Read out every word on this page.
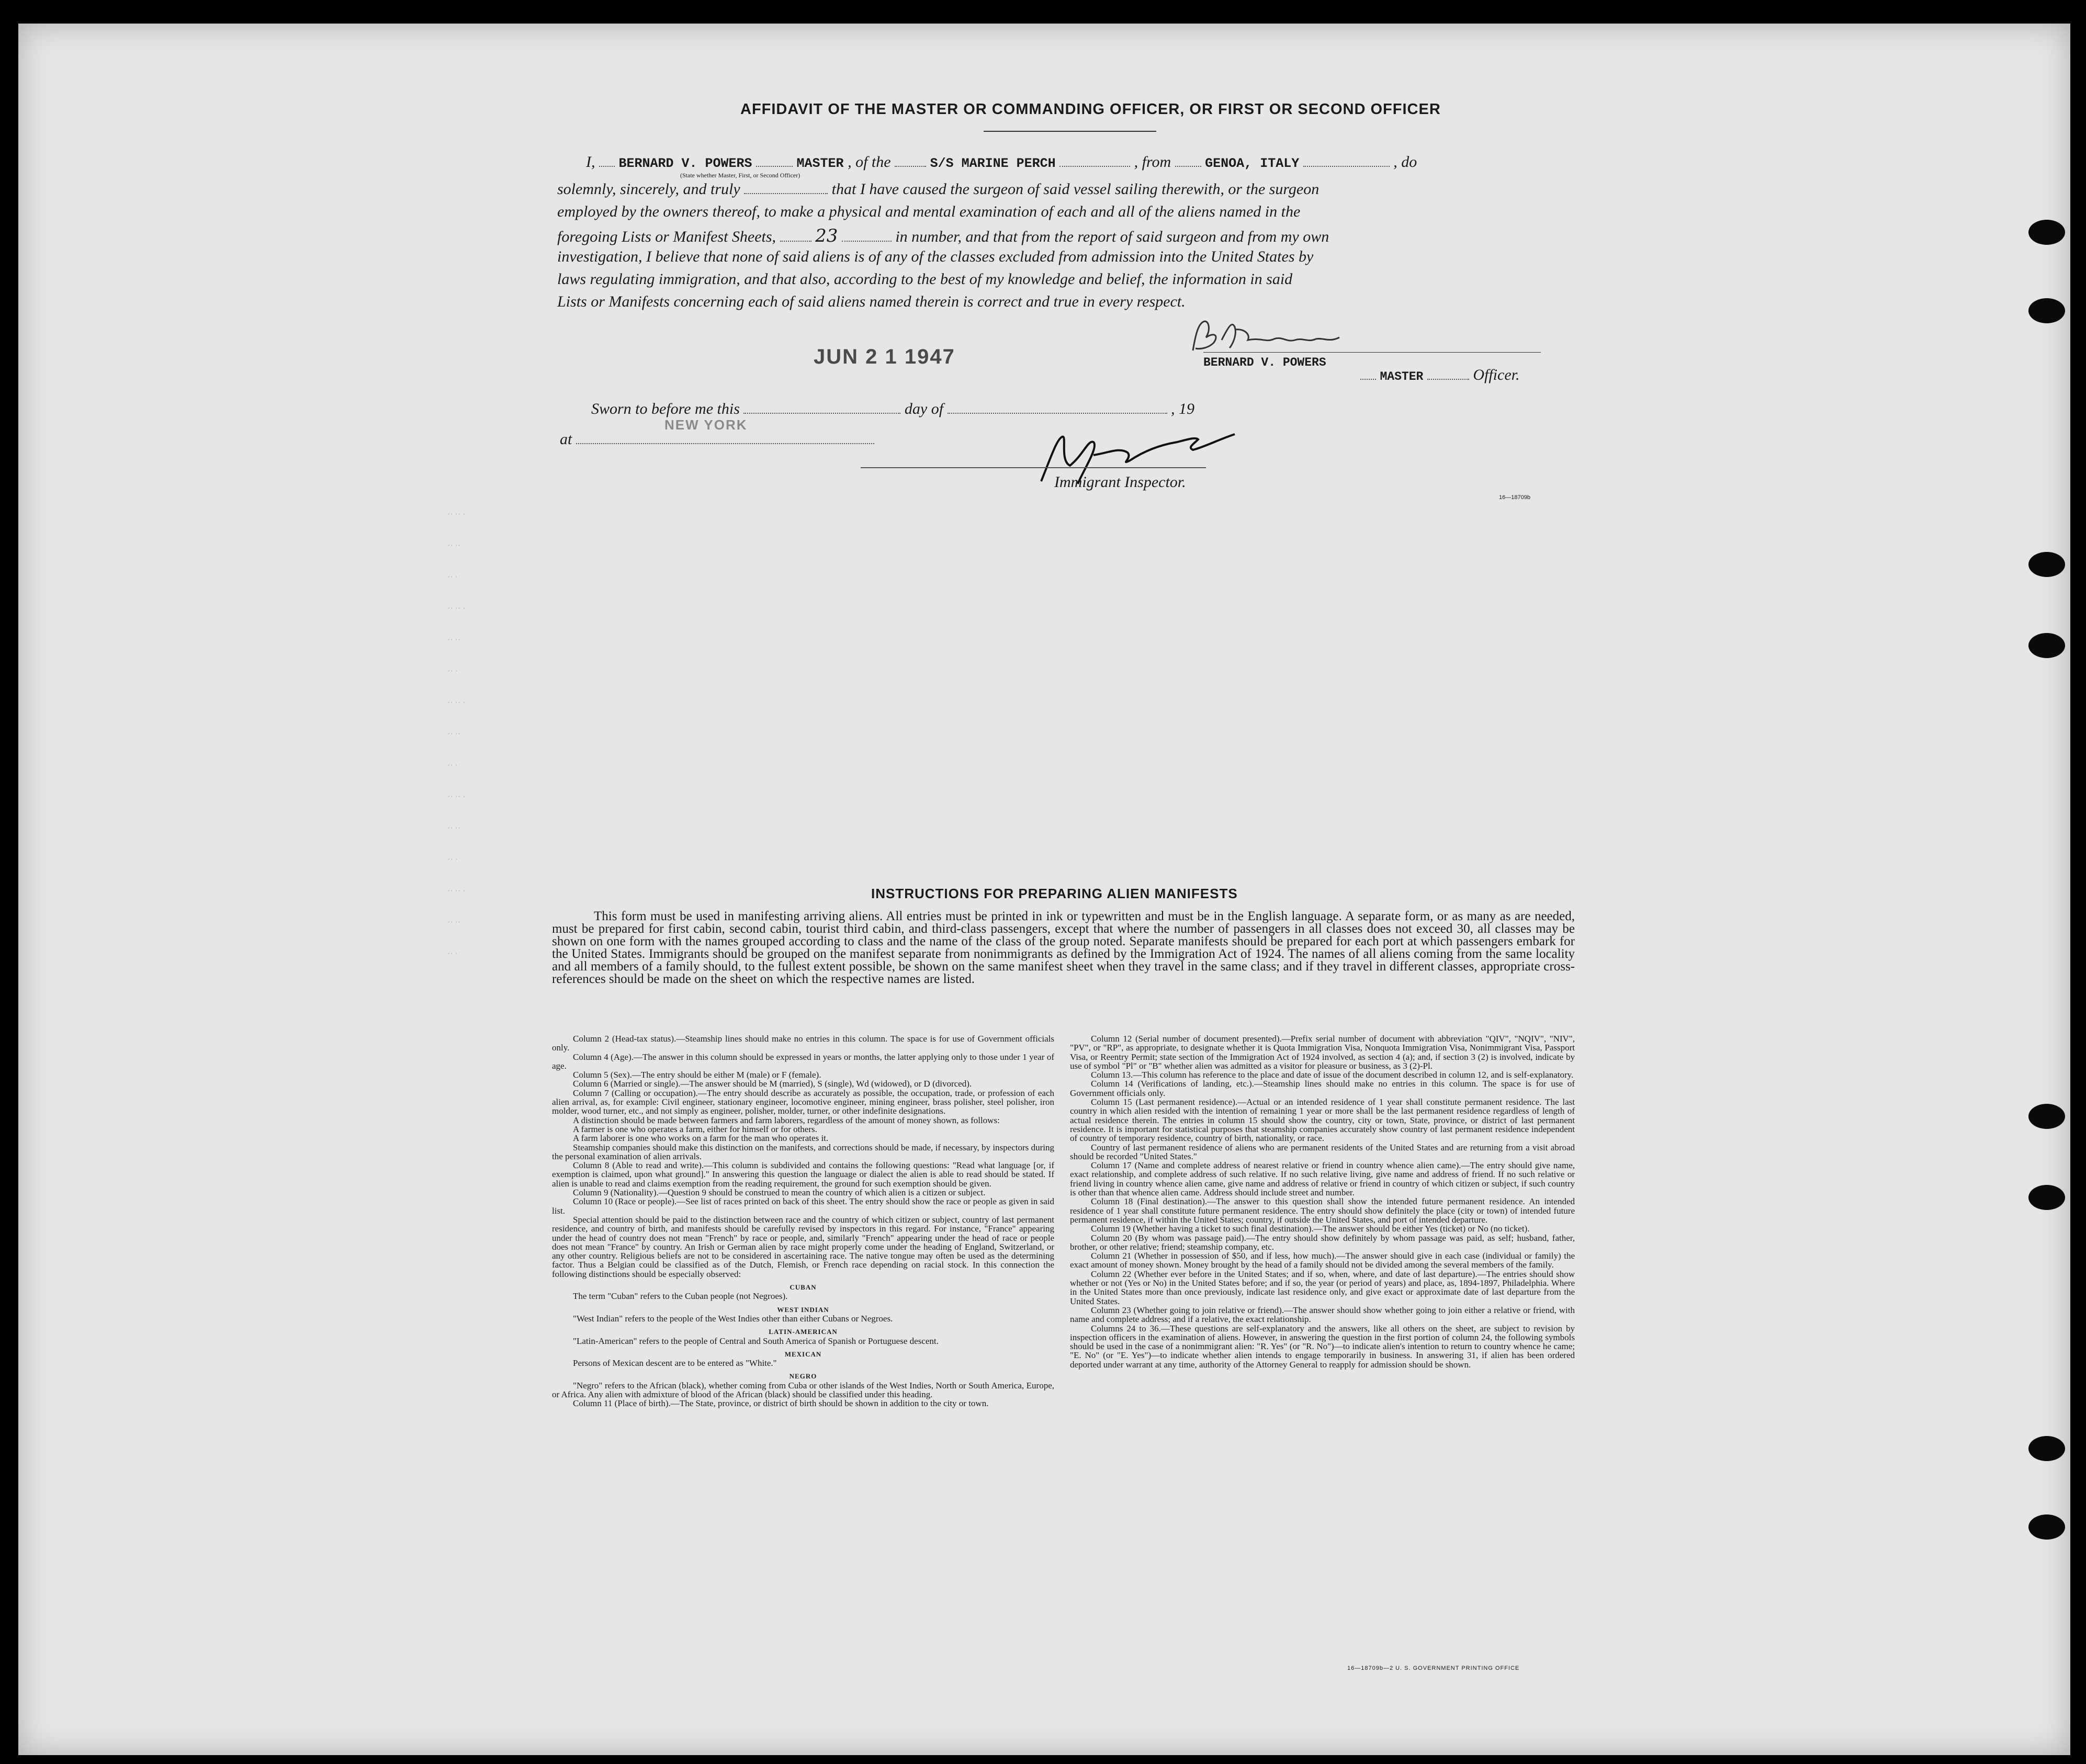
AFFIDAVIT OF THE MASTER OR COMMANDING OFFICER, OR FIRST OR SECOND OFFICER
I, BERNARD V. POWERS	MASTER , of the	S/S MARINE PERCH	, from	GENOA, ITALY	, do
(State whether Master, First, or Second Officer)
solemnly, sincerely, and truly	that I have caused the surgeon of said vessel sailing therewith, or the surgeon
employed by the owners thereof, to make a physical and mental examination of each and all of the aliens named in the
foregoing Lists or Manifest Sheets, 23	in number, and that from the report of said surgeon and from my own
investigation, I believe that none of said aliens is of any of the classes excluded from admission into the United States by
laws regulating immigration, and that also, according to the best of my knowledge and belief, the information in said
Lists or Manifests concerning each of said aliens named therein is correct and true in every respect.
JUN 2 1 1947	BERNARD V. POWERS
MASTER	Officer.
Sworn to before me this	day of	, 19
NEW YORK
at
Immigrant Inspector.
16—18709b
·· ·· ·
·· ··
·· ·
·· ·· ·
·· ··
·· ·
·· ·· ·
·· ··
·· ·
·· ·· ·
·· ··
·· ·
·· ·· ·
·· ··
·· ·
INSTRUCTIONS FOR PREPARING ALIEN MANIFESTS
This form must be used in manifesting arriving aliens. All entries must be printed in ink or typewritten and must be in the English language. A separate form, or as many as are needed, must be prepared for first cabin, second cabin, tourist third cabin, and third-class passengers, except that where the number of passengers in all classes does not exceed 30, all classes may be shown on one form with the names grouped according to class and the name of the class of the group noted. Separate manifests should be prepared for each port at which passengers embark for the United States. Immigrants should be grouped on the manifest separate from nonimmigrants as defined by the Immigration Act of 1924. The names of all aliens coming from the same locality and all members of a family should, to the fullest extent possible, be shown on the same manifest sheet when they travel in the same class; and if they travel in different classes, appropriate cross-references should be made on the sheet on which the respective names are listed.

Column 2 (Head-tax status).—Steamship lines should make no entries in this column. The space is for use of Government officials only.

Column 4 (Age).—The answer in this column should be expressed in years or months, the latter applying only to those under 1 year of age.

Column 5 (Sex).—The entry should be either M (male) or F (female).

Column 6 (Married or single).—The answer should be M (married), S (single), Wd (widowed), or D (divorced).

Column 7 (Calling or occupation).—The entry should describe as accurately as possible, the occupation, trade, or profession of each alien arrival, as, for example: Civil engineer, stationary engineer, locomotive engineer, mining engineer, brass polisher, steel polisher, iron molder, wood turner, etc., and not simply as engineer, polisher, molder, turner, or other indefinite designations.

A distinction should be made between farmers and farm laborers, regardless of the amount of money shown, as follows:

A farmer is one who operates a farm, either for himself or for others.

A farm laborer is one who works on a farm for the man who operates it.

Steamship companies should make this distinction on the manifests, and corrections should be made, if necessary, by inspectors during the personal examination of alien arrivals.

Column 8 (Able to read and write).—This column is subdivided and contains the following questions: "Read what language [or, if exemption is claimed, upon what ground]." In answering this question the language or dialect the alien is able to read should be stated. If alien is unable to read and claims exemption from the reading requirement, the ground for such exemption should be given.

Column 9 (Nationality).—Question 9 should be construed to mean the country of which alien is a citizen or subject.

Column 10 (Race or people).—See list of races printed on back of this sheet. The entry should show the race or people as given in said list.

Special attention should be paid to the distinction between race and the country of which citizen or subject, country of last permanent residence, and country of birth, and manifests should be carefully revised by inspectors in this regard. For instance, "France" appearing under the head of country does not mean "French" by race or people, and, similarly "French" appearing under the head of race or people does not mean "France" by country. An Irish or German alien by race might properly come under the heading of England, Switzerland, or any other country. Religious beliefs are not to be considered in ascertaining race. The native tongue may often be used as the determining factor. Thus a Belgian could be classified as of the Dutch, Flemish, or French race depending on racial stock. In this connection the following distinctions should be especially observed:

CUBAN

The term "Cuban" refers to the Cuban people (not Negroes).

WEST INDIAN

"West Indian" refers to the people of the West Indies other than either Cubans or Negroes.

LATIN-AMERICAN

"Latin-American" refers to the people of Central and South America of Spanish or Portuguese descent.

MEXICAN

Persons of Mexican descent are to be entered as "White."

NEGRO

"Negro" refers to the African (black), whether coming from Cuba or other islands of the West Indies, North or South America, Europe, or Africa. Any alien with admixture of blood of the African (black) should be classified under this heading.

Column 11 (Place of birth).—The State, province, or district of birth should be shown in addition to the city or town.

Column 12 (Serial number of document presented).—Prefix serial number of document with abbreviation "QIV", "NQIV", "NIV", "PV", or "RP", as appropriate, to designate whether it is Quota Immigration Visa, Nonquota Immigration Visa, Nonimmigrant Visa, Passport Visa, or Reentry Permit; state section of the Immigration Act of 1924 involved, as section 4 (a); and, if section 3 (2) is involved, indicate by use of symbol "Pl" or "B" whether alien was admitted as a visitor for pleasure or business, as 3 (2)-Pl.

Column 13.—This column has reference to the place and date of issue of the document described in column 12, and is self-explanatory.

Column 14 (Verifications of landing, etc.).—Steamship lines should make no entries in this column. The space is for use of Government officials only.

Column 15 (Last permanent residence).—Actual or an intended residence of 1 year shall constitute permanent residence. The last country in which alien resided with the intention of remaining 1 year or more shall be the last permanent residence regardless of length of actual residence therein. The entries in column 15 should show the country, city or town, State, province, or district of last permanent residence. It is important for statistical purposes that steamship companies accurately show country of last permanent residence independent of country of temporary residence, country of birth, nationality, or race.

Country of last permanent residence of aliens who are permanent residents of the United States and are returning from a visit abroad should be recorded "United States."

Column 17 (Name and complete address of nearest relative or friend in country whence alien came).—The entry should give name, exact relationship, and complete address of such relative. If no such relative living, give name and address of friend. If no such relative or friend living in country whence alien came, give name and address of relative or friend in country of which citizen or subject, if such country is other than that whence alien came. Address should include street and number.

Column 18 (Final destination).—The answer to this question shall show the intended future permanent residence. An intended residence of 1 year shall constitute future permanent residence. The entry should show definitely the place (city or town) of intended future permanent residence, if within the United States; country, if outside the United States, and port of intended departure.

Column 19 (Whether having a ticket to such final destination).—The answer should be either Yes (ticket) or No (no ticket).

Column 20 (By whom was passage paid).—The entry should show definitely by whom passage was paid, as self; husband, father, brother, or other relative; friend; steamship company, etc.

Column 21 (Whether in possession of $50, and if less, how much).—The answer should give in each case (individual or family) the exact amount of money shown. Money brought by the head of a family should not be divided among the several members of the family.

Column 22 (Whether ever before in the United States; and if so, when, where, and date of last departure).—The entries should show whether or not (Yes or No) in the United States before; and if so, the year (or period of years) and place, as, 1894-1897, Philadelphia. Where in the United States more than once previously, indicate last residence only, and give exact or approximate date of last departure from the United States.

Column 23 (Whether going to join relative or friend).—The answer should show whether going to join either a relative or friend, with name and complete address; and if a relative, the exact relationship.

Columns 24 to 36.—These questions are self-explanatory and the answers, like all others on the sheet, are subject to revision by inspection officers in the examination of aliens. However, in answering the question in the first portion of column 24, the following symbols should be used in the case of a nonimmigrant alien: "R. Yes" (or "R. No")—to indicate alien's intention to return to country whence he came; "E. No" (or "E. Yes")—to indicate whether alien intends to engage temporarily in business. In answering 31, if alien has been ordered deported under warrant at any time, authority of the Attorney General to reapply for admission should be shown.

16—18709b—2 U. S. GOVERNMENT PRINTING OFFICE
